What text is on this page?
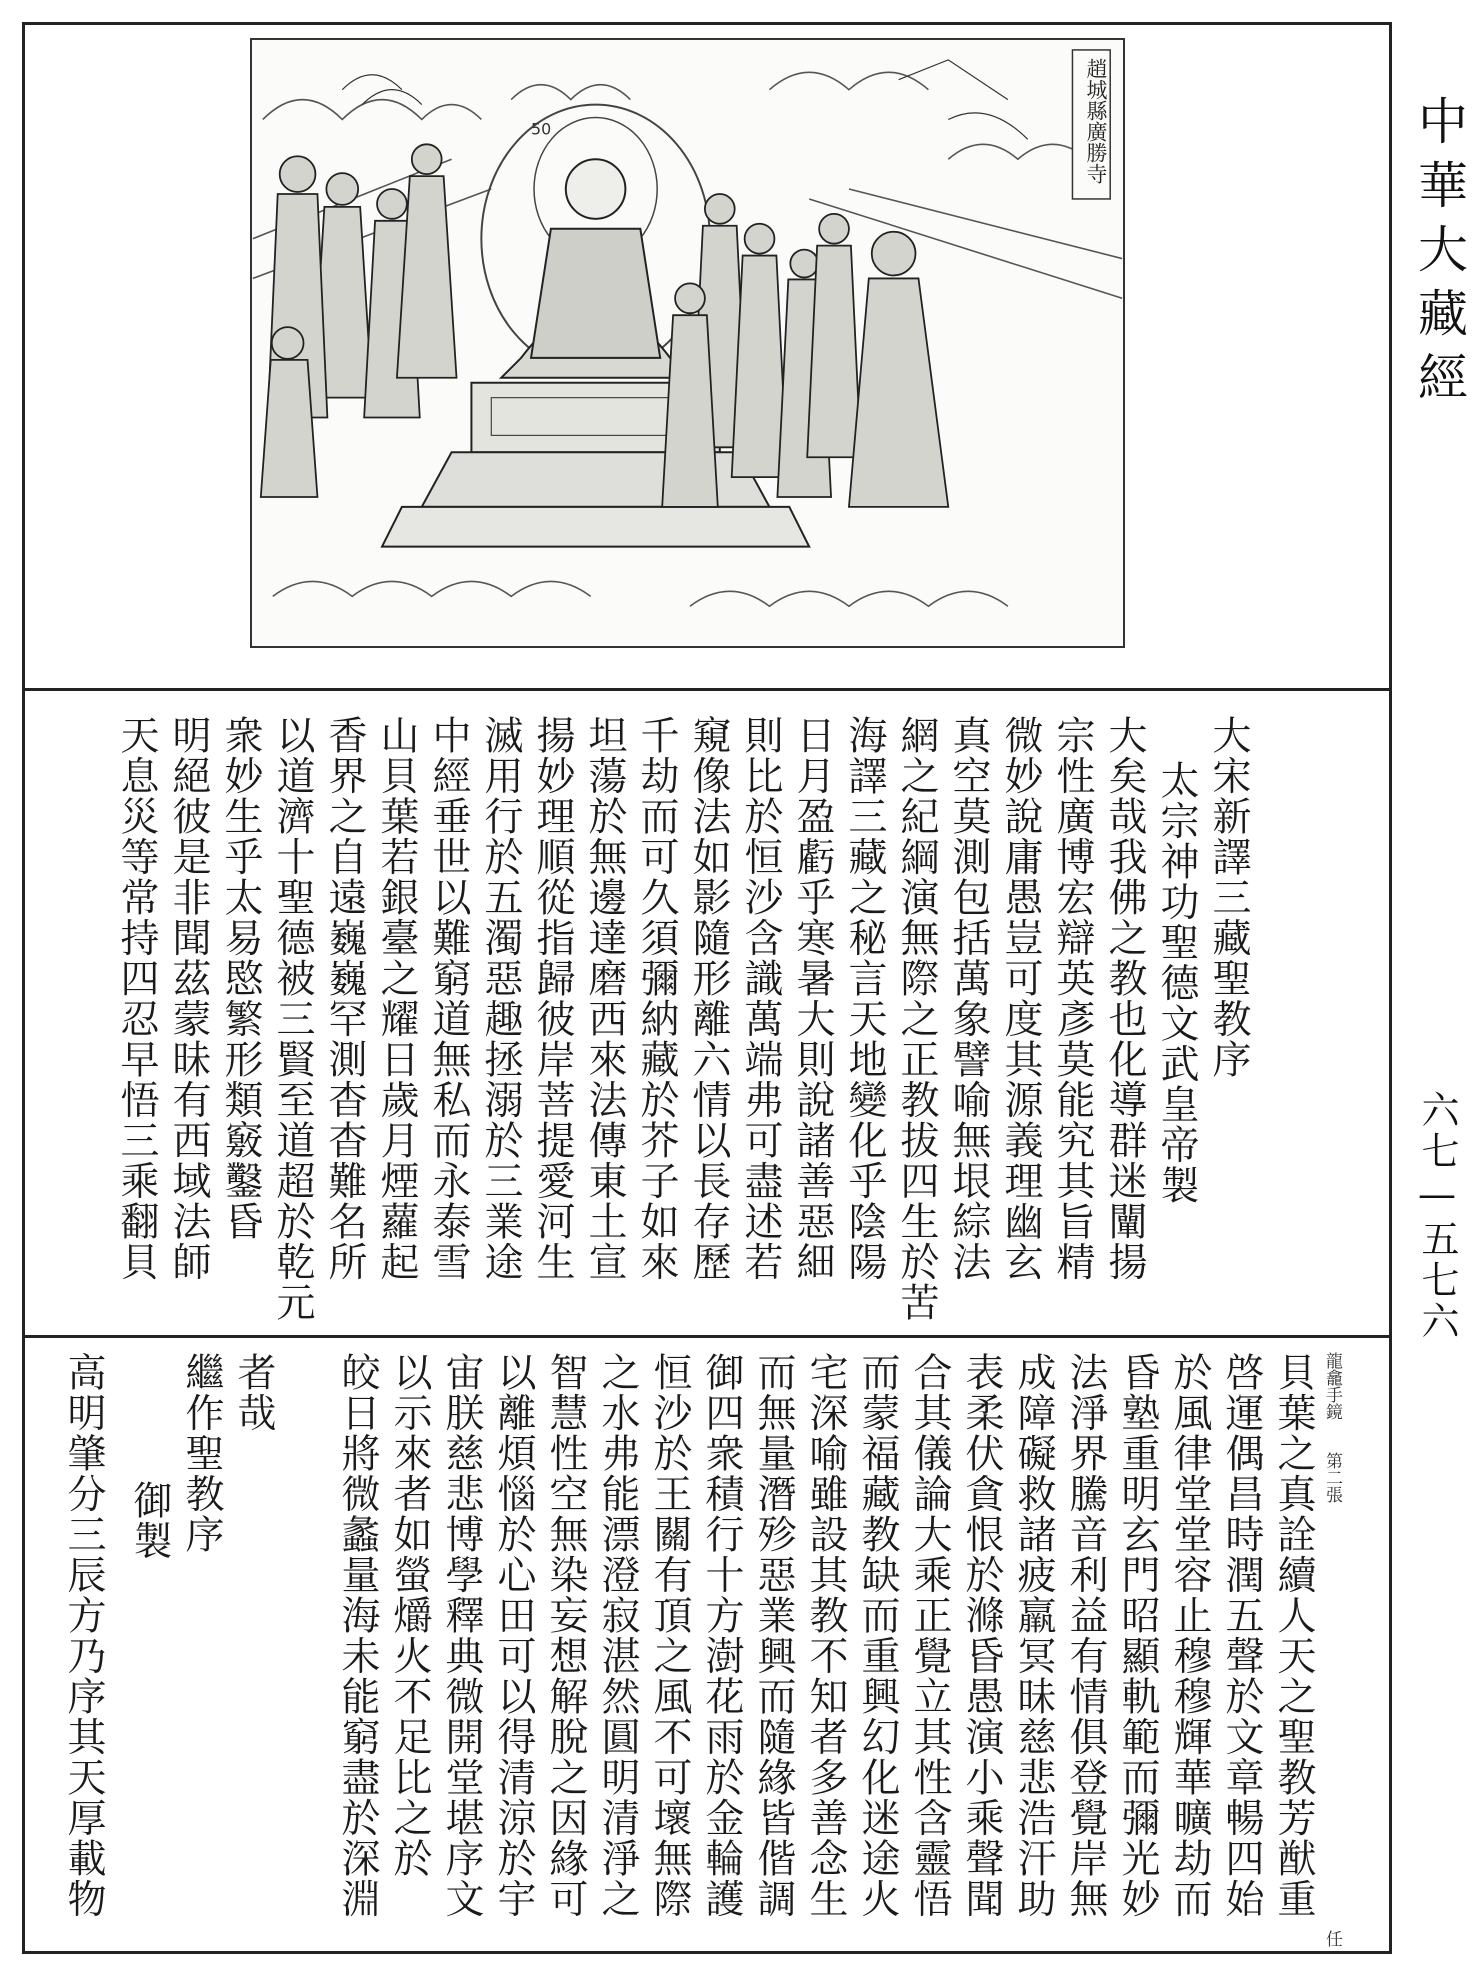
中華大藏經
六七—五七六
50	趙城縣廣勝寺
大宋新譯三藏聖教序
太宗神功聖德文武皇帝製
大矣哉我佛之教也化導群迷闡揚
宗性廣博宏辯英彥莫能究其旨精
微妙說庸愚豈可度其源義理幽玄
真空莫測包括萬象譬喻無垠綜法
網之紀綱演無際之正教拔四生於苦
海譯三藏之秘言天地變化乎陰陽
日月盈虧乎寒暑大則說諸善惡細
則比於恒沙含識萬端弗可盡述若
窺像法如影隨形離六情以長存歷
千劫而可久須彌納藏於芥子如來
坦蕩於無邊達磨西來法傳東土宣
揚妙理順從指歸彼岸菩提愛河生
滅用行於五濁惡趣拯溺於三業途
中經垂世以難窮道無私而永泰雪
山貝葉若銀臺之耀日歲月煙蘿起
香界之自遠巍巍罕測杳杳難名所
以道濟十聖德被三賢至道超於乾元
衆妙生乎太易愍繁形類竅鑿昏
明絕彼是非聞茲蒙昧有西域法師
天息災等常持四忍早悟三乘翻貝
龍龕手鏡
第二張
任
貝葉之真詮續人天之聖教芳猷重
啓運偶昌時潤五聲於文章暢四始
於風律堂堂容止穆穆輝華曠劫而
昏塾重明玄門昭顯軌範而彌光妙
法淨界騰音利益有情俱登覺岸無
成障礙救諸疲羸冥昧慈悲浩汗助
表柔伏貪恨於滌昏愚演小乘聲聞
合其儀論大乘正覺立其性含靈悟
而蒙福藏教缺而重興幻化迷途火
宅深喻雖設其教不知者多善念生
而無量潛殄惡業興而隨緣皆偕調
御四衆積行十方澍花雨於金輪護
恒沙於王關有頂之風不可壞無際
之水弗能漂澄寂湛然圓明清淨之
智慧性空無染妄想解脫之因緣可
以離煩惱於心田可以得清涼於宇
宙朕慈悲博學釋典微開堂堪序文
以示來者如螢爝火不足比之於
皎日將微蠡量海未能窮盡於深淵
者哉
繼作聖教序
御製
高明肇分三辰方乃序其天厚載物
